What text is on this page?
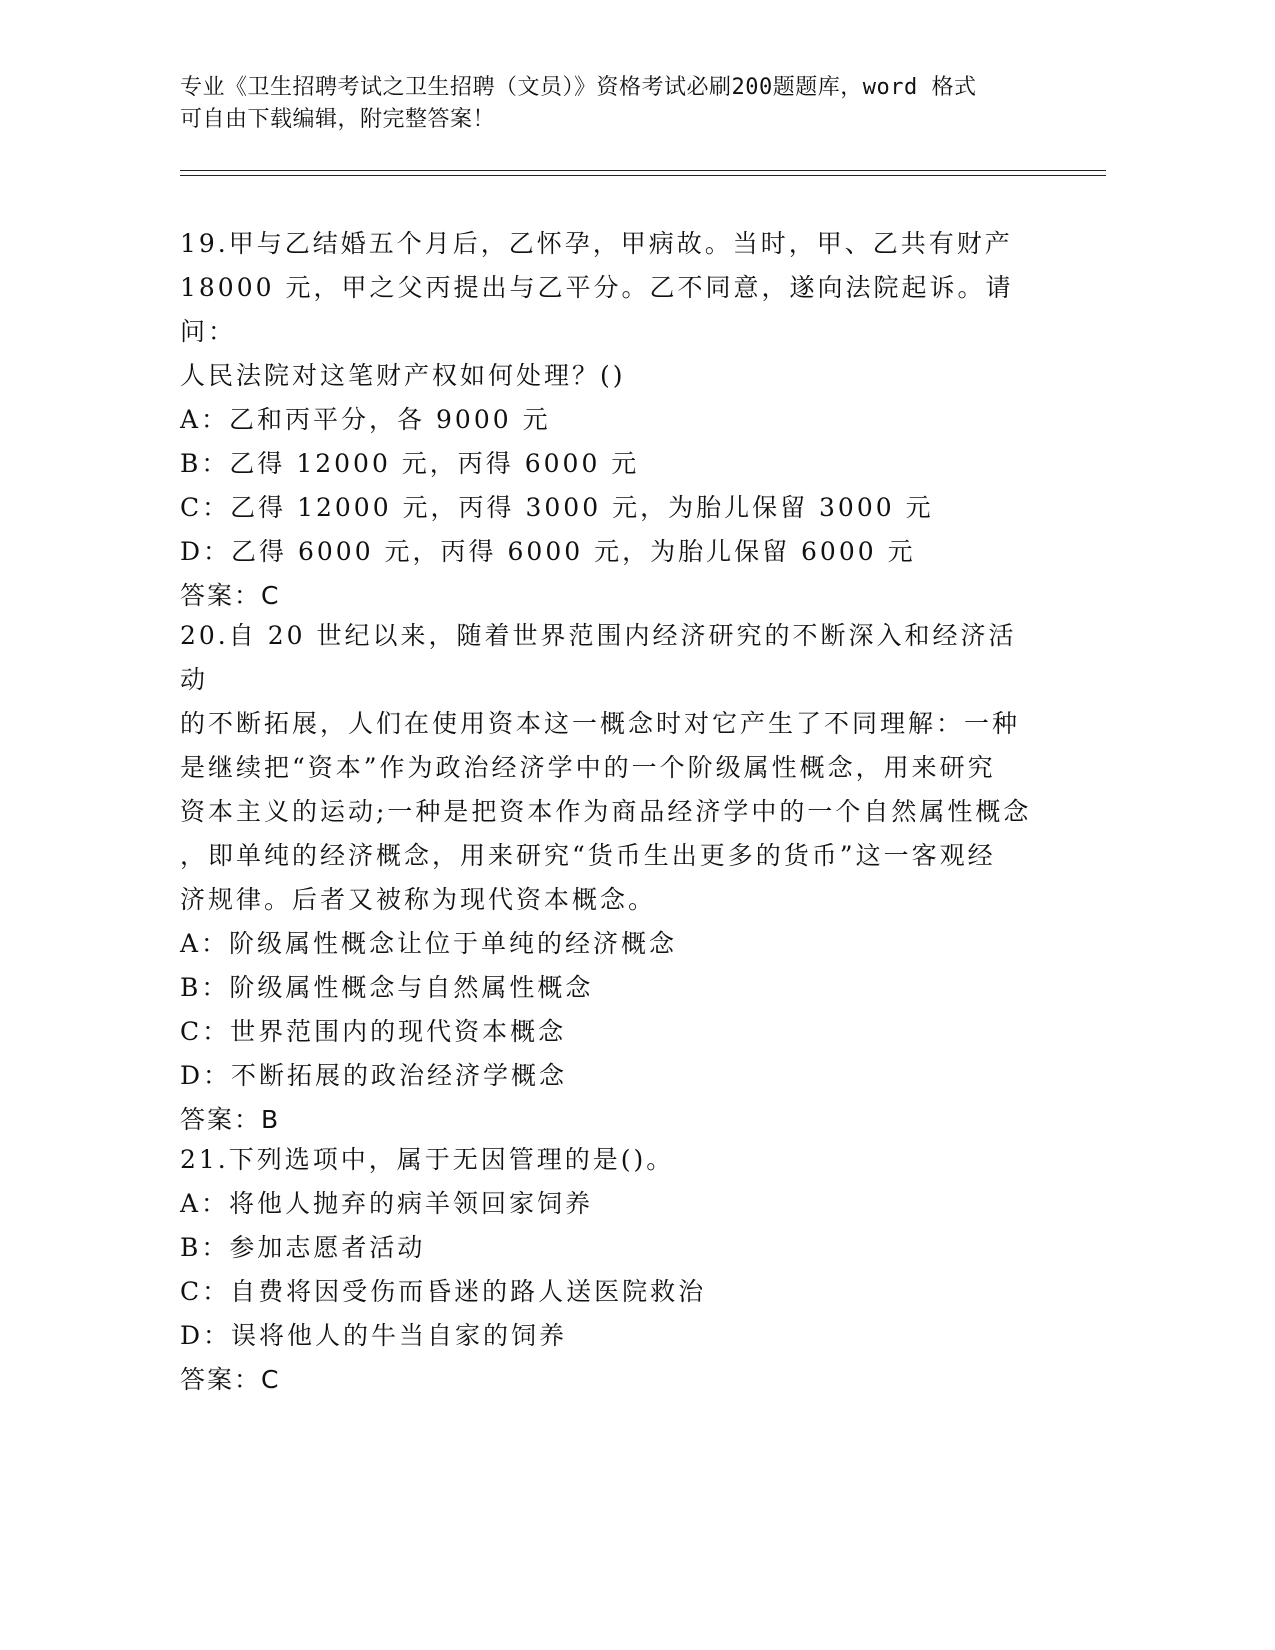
专业《卫生招聘考试之卫生招聘（文员）》资格考试必刷200题题库，word 格式
可自由下载编辑，附完整答案！

19.甲与乙结婚五个月后，乙怀孕，甲病故。当时，甲、乙共有财产

18000 元，甲之父丙提出与乙平分。乙不同意，遂向法院起诉。请问：

人民法院对这笔财产权如何处理？()

A：乙和丙平分，各 9000 元

B：乙得 12000 元，丙得 6000 元

C：乙得 12000 元，丙得 3000 元，为胎儿保留 3000 元

D：乙得 6000 元，丙得 6000 元，为胎儿保留 6000 元

答案：C

20.自 20 世纪以来，随着世界范围内经济研究的不断深入和经济活动

的不断拓展，人们在使用资本这一概念时对它产生了不同理解：一种

是继续把“资本”作为政治经济学中的一个阶级属性概念，用来研究

资本主义的运动;一种是把资本作为商品经济学中的一个自然属性概念

，即单纯的经济概念，用来研究“货币生出更多的货币”这一客观经

济规律。后者又被称为现代资本概念。

A：阶级属性概念让位于单纯的经济概念

B：阶级属性概念与自然属性概念

C：世界范围内的现代资本概念

D：不断拓展的政治经济学概念

答案：B

21.下列选项中，属于无因管理的是()。

A：将他人抛弃的病羊领回家饲养

B：参加志愿者活动

C：自费将因受伤而昏迷的路人送医院救治

D：误将他人的牛当自家的饲养

答案：C
